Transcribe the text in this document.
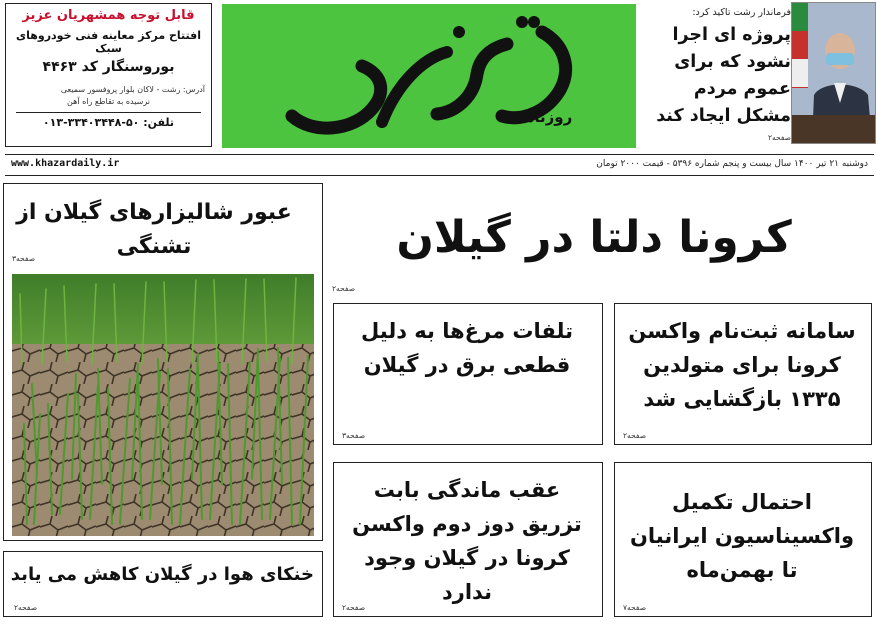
قابل توجه همشهریان عزیز
افتتاح مرکز معاینه فنی خودروهای سبک
بوروسنگار کد ۴۴۶۳
آدرس: رشت - لاکان بلوار پروفسور سمیعی
نرسیده به تقاطع راه آهن
تلفن: ۵۰-۳۳۴۰۳۴۴۸-۰۱۳	روزنامه
فرماندار رشت تاکید کرد:
پروژه ای اجرا نشود که برای عموم مردم مشکل ایجاد کند
صفحه۲
www.khazardaily.ir	دوشنبه ۲۱ تیر ۱۴۰۰ سال بیست و پنجم شماره ۵۳۹۶ - قیمت ۲۰۰۰ تومان
عبور شالیزارهای گیلان از تشنگی
صفحه۳
خنکای هوا در گیلان کاهش می یابد
صفحه۲
کرونا دلتا در گیلان
صفحه۲
تلفات مرغ‌ها به دلیل قطعی برق در گیلان
صفحه۳
سامانه ثبت‌نام واکسن کرونا برای متولدین ۱۳۳۵ بازگشایی شد
صفحه۲
عقب ماندگی بابت تزریق دوز دوم واکسن کرونا در گیلان وجود ندارد
صفحه۲
احتمال تکمیل واکسیناسیون ایرانیان تا بهمن‌ماه
صفحه۷
